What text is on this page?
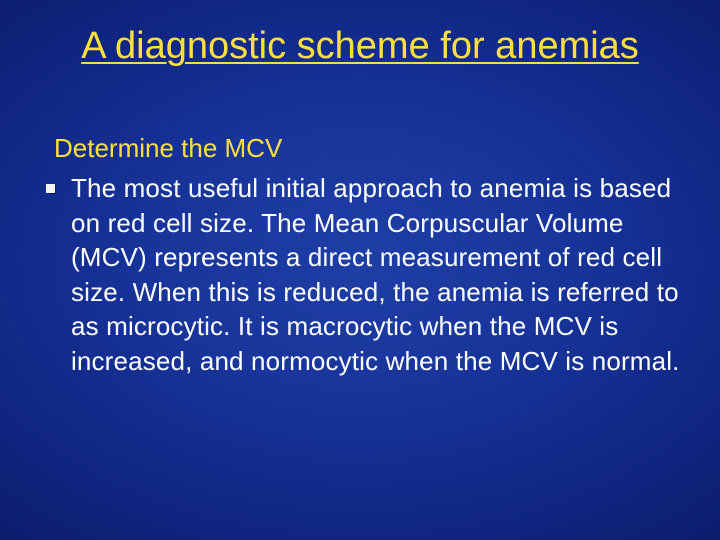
A diagnostic scheme for anemias

Determine the MCV

The most useful initial approach to anemia is based on red cell size. The Mean Corpuscular Volume (MCV) represents a direct measurement of red cell size. When this is reduced, the anemia is referred to as microcytic. It is macrocytic when the MCV is increased, and normocytic when the MCV is normal.
